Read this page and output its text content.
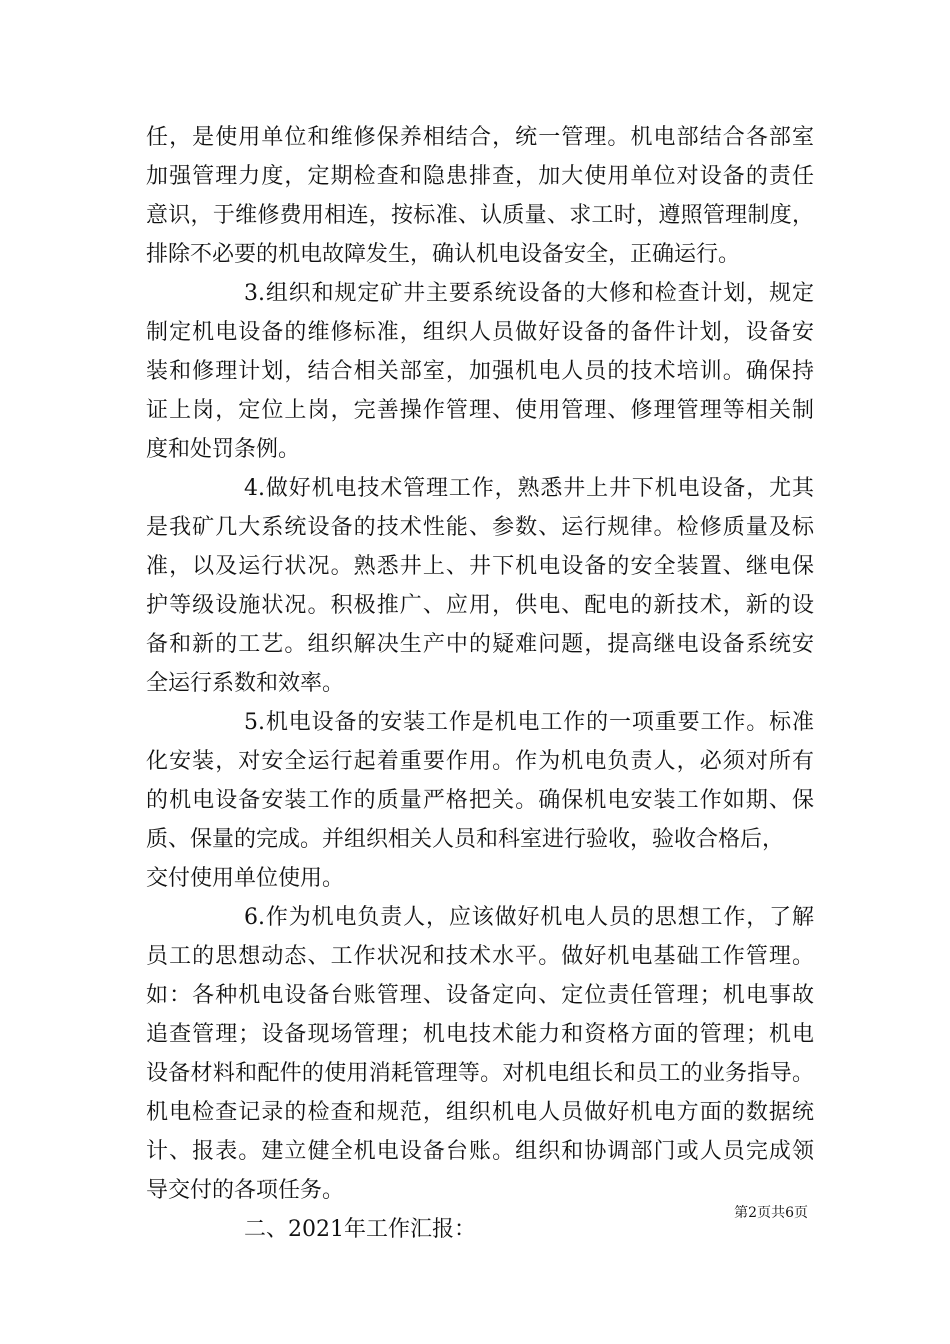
任，是使用单位和维修保养相结合，统一管理。机电部结合各部室
加强管理力度，定期检查和隐患排查，加大使用单位对设备的责任
意识，于维修费用相连，按标准、认质量、求工时，遵照管理制度，
排除不必要的机电故障发生，确认机电设备安全，正确运行。
3.组织和规定矿井主要系统设备的大修和检查计划，规定
制定机电设备的维修标准，组织人员做好设备的备件计划，设备安
装和修理计划，结合相关部室，加强机电人员的技术培训。确保持
证上岗，定位上岗，完善操作管理、使用管理、修理管理等相关制
度和处罚条例。
4.做好机电技术管理工作，熟悉井上井下机电设备，尤其
是我矿几大系统设备的技术性能、参数、运行规律。检修质量及标
准，以及运行状况。熟悉井上、井下机电设备的安全装置、继电保
护等级设施状况。积极推广、应用，供电、配电的新技术，新的设
备和新的工艺。组织解决生产中的疑难问题，提高继电设备系统安
全运行系数和效率。
5.机电设备的安装工作是机电工作的一项重要工作。标准
化安装，对安全运行起着重要作用。作为机电负责人，必须对所有
的机电设备安装工作的质量严格把关。确保机电安装工作如期、保
质、保量的完成。并组织相关人员和科室进行验收，验收合格后，
交付使用单位使用。
6.作为机电负责人，应该做好机电人员的思想工作，了解
员工的思想动态、工作状况和技术水平。做好机电基础工作管理。
如：各种机电设备台账管理、设备定向、定位责任管理；机电事故
追查管理；设备现场管理；机电技术能力和资格方面的管理；机电
设备材料和配件的使用消耗管理等。对机电组长和员工的业务指导。
机电检查记录的检查和规范，组织机电人员做好机电方面的数据统
计、报表。建立健全机电设备台账。组织和协调部门或人员完成领
导交付的各项任务。
二、2021年工作汇报：
第2页共6页
